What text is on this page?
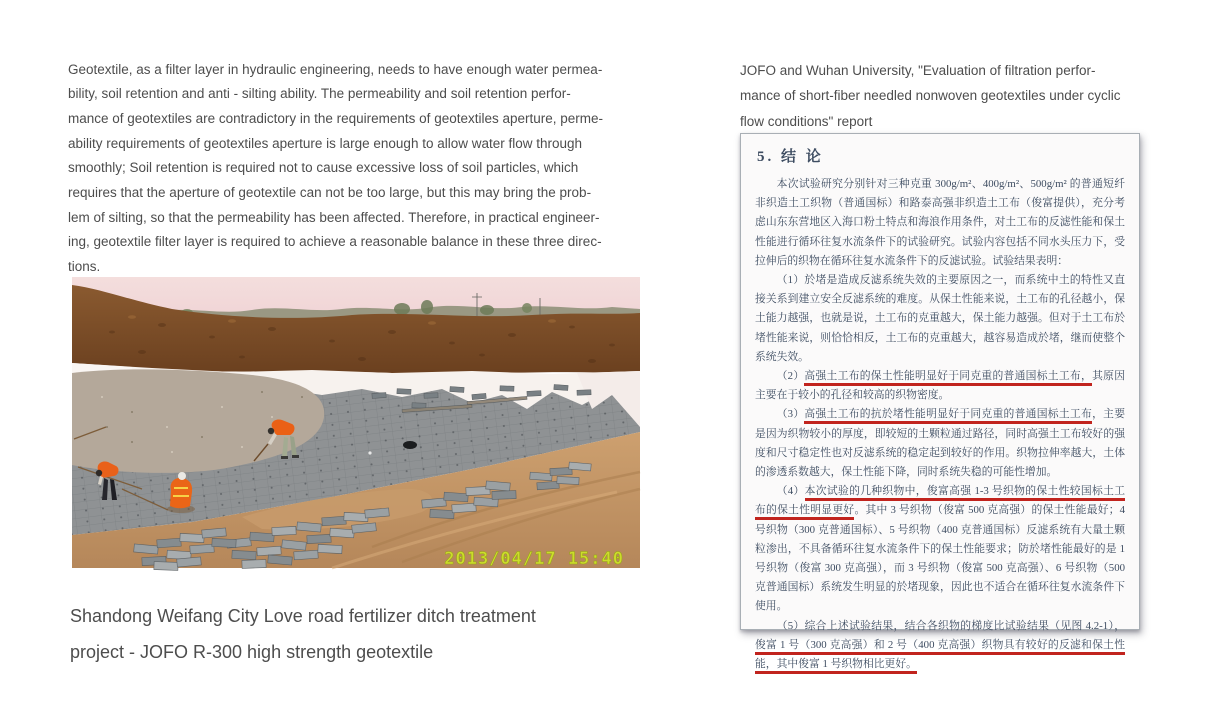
Geotextile, as a filter layer in hydraulic engineering, needs to have enough water permea-
bility, soil retention and anti - silting ability. The permeability and soil retention perfor-
mance of geotextiles are contradictory in the requirements of geotextiles aperture, perme-
ability requirements of geotextiles aperture is large enough to allow water flow through
smoothly; Soil retention is required not to cause excessive loss of soil particles, which
requires that the aperture of geotextile can not be too large, but this may bring the prob-
lem of silting, so that the permeability has been affected. Therefore, in practical engineer-
ing, geotextile filter layer is required to achieve a reasonable balance in these three direc-
tions.

2013/04/17 15:40

Shandong Weifang City Love road fertilizer ditch treatment
project - JOFO R-300 high strength geotextile

JOFO and Wuhan University, "Evaluation of filtration perfor-
mance of short-fiber needled nonwoven geotextiles under cyclic
flow conditions" report

5. 结 论

本次试验研究分别针对三种克重 300g/m²、400g/m²、500g/m² 的普通短纤非织造土工织物（普通国标）和路泰高强非织造土工布（俊富提供），充分考虑山东东营地区入海口粉土特点和海浪作用条件，对土工布的反滤性能和保土性能进行循环往复水流条件下的试验研究。试验内容包括不同水头压力下，受拉伸后的织物在循环往复水流条件下的反滤试验。试验结果表明：

（1）於堵是造成反滤系统失效的主要原因之一，而系统中土的特性又直接关系到建立安全反滤系统的难度。从保土性能来说，土工布的孔径越小，保土能力越强，也就是说，土工布的克重越大，保土能力越强。但对于土工布於堵性能来说，则恰恰相反，土工布的克重越大，越容易造成於堵，继而使整个系统失效。

（2）高强土工布的保土性能明显好于同克重的普通国标土工布，其原因主要在于较小的孔径和较高的织物密度。

（3）高强土工布的抗於堵性能明显好于同克重的普通国标土工布，主要是因为织物较小的厚度，即较短的土颗粒通过路径，同时高强土工布较好的强度和尺寸稳定性也对反滤系统的稳定起到较好的作用。织物拉伸率越大，土体的渗透系数越大，保土性能下降，同时系统失稳的可能性增加。

（4）本次试验的几种织物中，俊富高强 1-3 号织物的保土性较国标土工布的保土性明显更好。其中 3 号织物（俊富 500 克高强）的保土性能最好；4 号织物（300 克普通国标）、5 号织物（400 克普通国标）反滤系统有大量土颗粒渗出，不具备循环往复水流条件下的保土性能要求；防於堵性能最好的是 1 号织物（俊富 300 克高强），而 3 号织物（俊富 500 克高强）、6 号织物（500 克普通国标）系统发生明显的於堵现象，因此也不适合在循环往复水流条件下使用。

（5）综合上述试验结果，结合各织物的梯度比试验结果（见图 4.2-1），俊富 1 号（300 克高强）和 2 号（400 克高强）织物具有较好的反滤和保土性能，其中俊富 1 号织物相比更好。
